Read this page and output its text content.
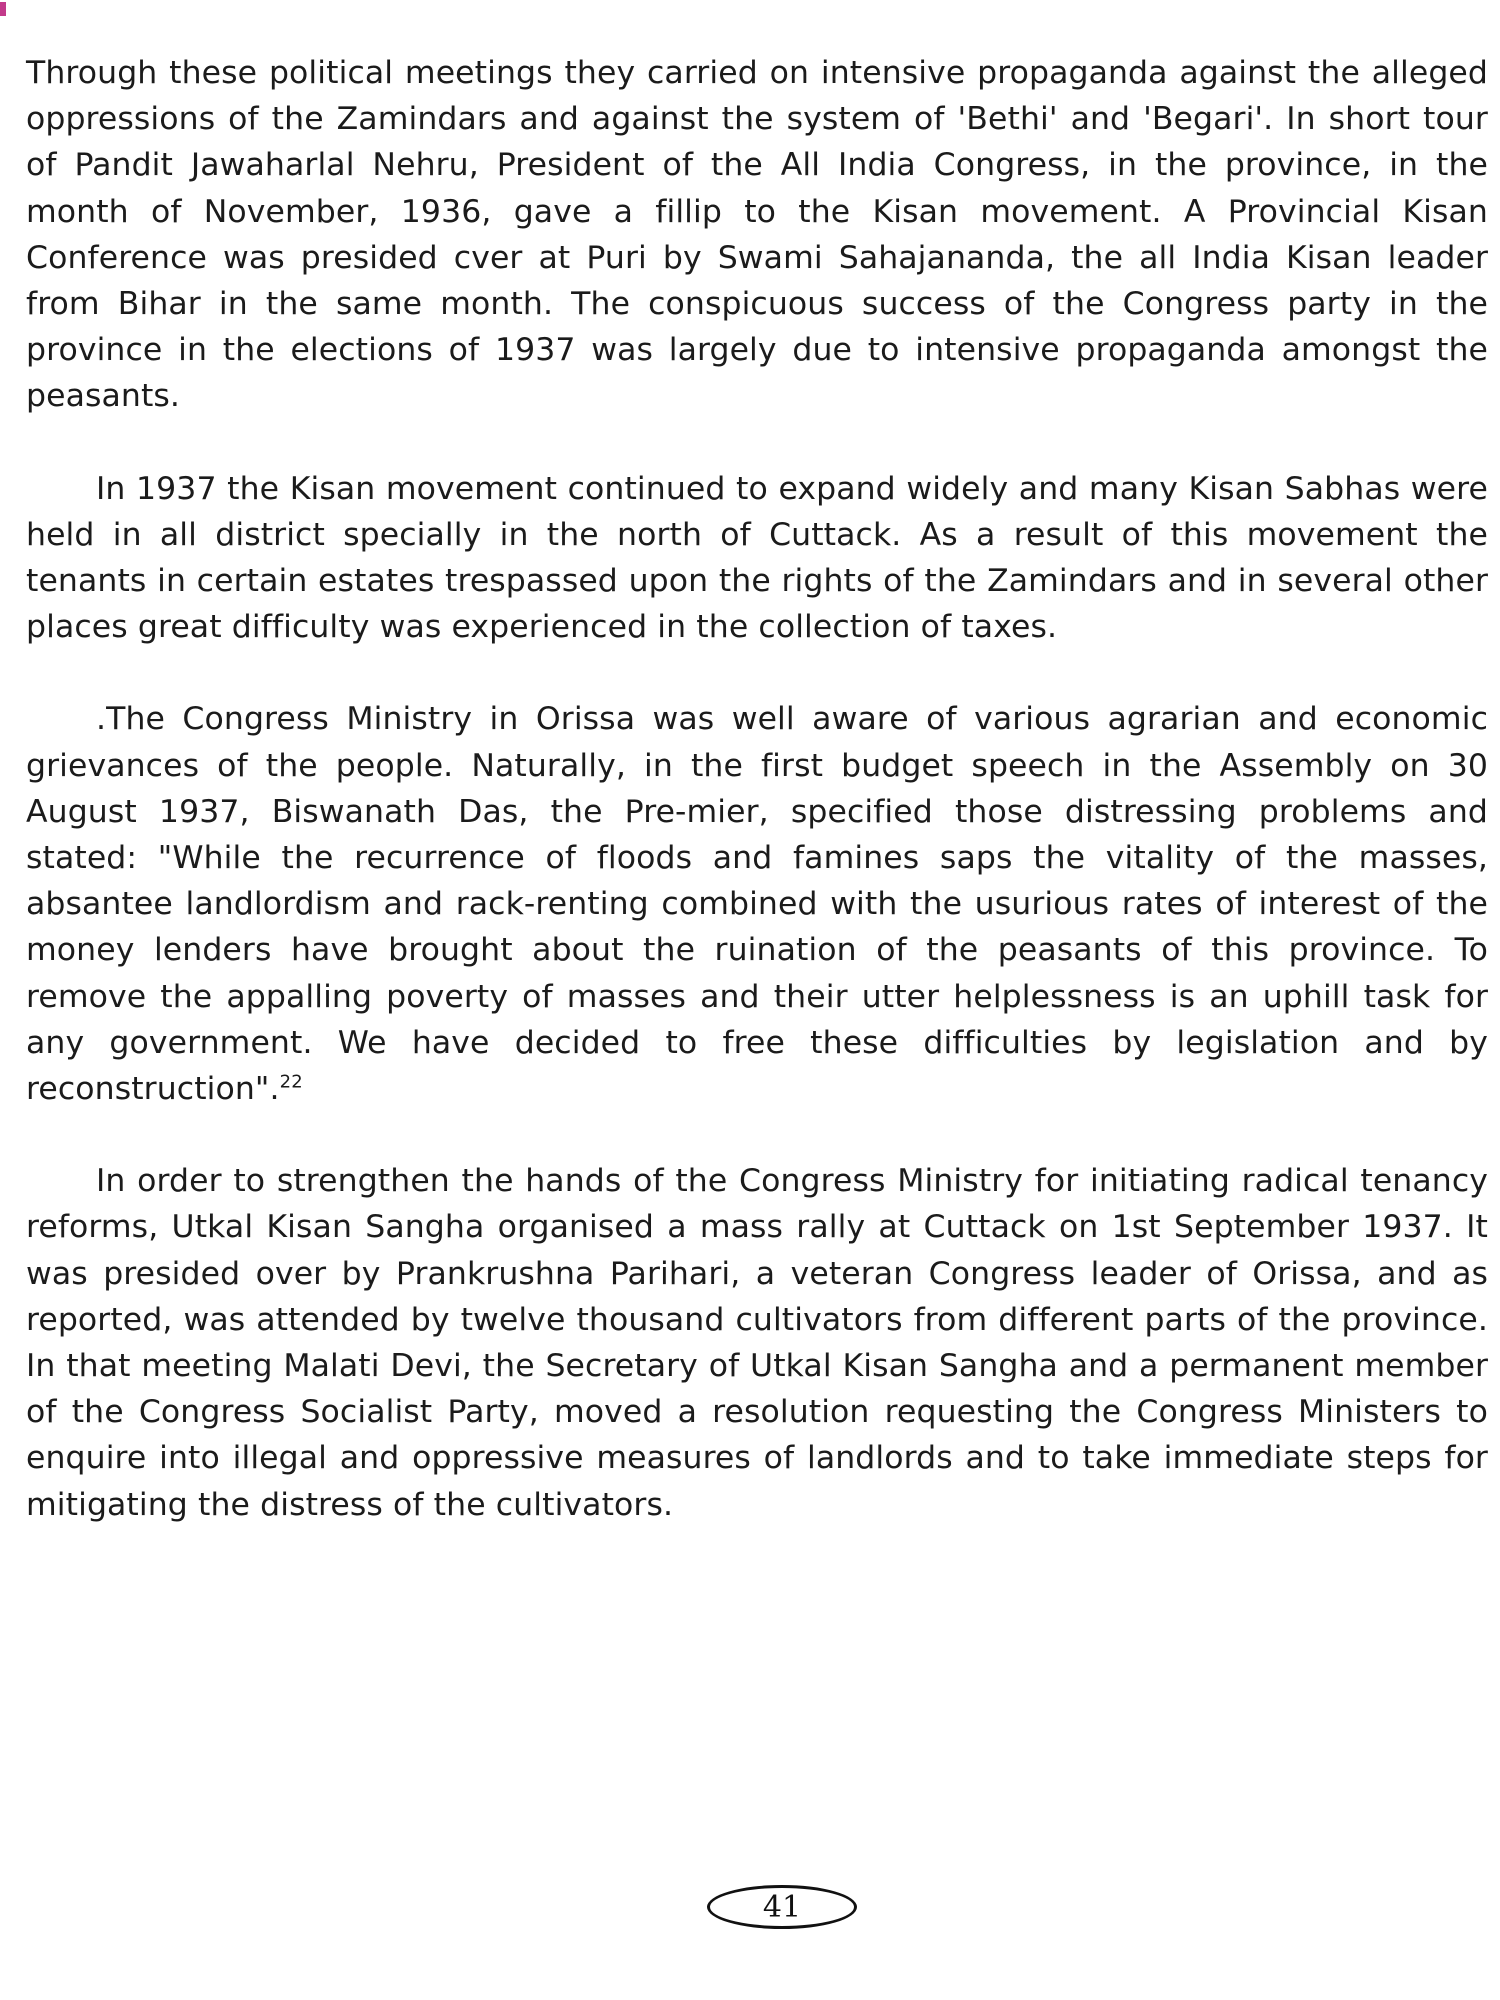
Through these political meetings they carried on intensive propaganda against the alleged oppressions of the Zamindars and against the system of 'Bethi' and 'Begari'. In short tour of Pandit Jawaharlal Nehru, President of the All India Congress, in the province, in the month of November, 1936, gave a fillip to the Kisan movement. A Provincial Kisan Conference was presided cver at Puri by Swami Sahajananda, the all India Kisan leader from Bihar in the same month. The conspicuous success of the Congress party in the province in the elections of 1937 was largely due to intensive propaganda amongst the peasants.

In 1937 the Kisan movement continued to expand widely and many Kisan Sabhas were held in all district specially in the north of Cuttack. As a result of this movement the tenants in certain estates trespassed upon the rights of the Zamindars and in several other places great difficulty was experienced in the collection of taxes.

.The Congress Ministry in Orissa was well aware of various agrarian and economic grievances of the people. Naturally, in the first budget speech in the Assembly on 30 August 1937, Biswanath Das, the Pre-mier, specified those distressing problems and stated: "While the recurrence of floods and famines saps the vitality of the masses, absantee landlordism and rack-renting combined with the usurious rates of interest of the money lenders have brought about the ruination of the peasants of this province. To remove the appalling poverty of masses and their utter helplessness is an uphill task for any government. We have decided to free these difficulties by legislation and by reconstruction".$^{22}$

In order to strengthen the hands of the Congress Ministry for initiating radical tenancy reforms, Utkal Kisan Sangha organised a mass rally at Cuttack on 1st September 1937. It was presided over by Prankrushna Parihari, a veteran Congress leader of Orissa, and as reported, was attended by twelve thousand cultivators from different parts of the province. In that meeting Malati Devi, the Secretary of Utkal Kisan Sangha and a permanent member of the Congress Socialist Party, moved a resolution requesting the Congress Ministers to enquire into illegal and oppressive measures of landlords and to take immediate steps for mitigating the distress of the cultivators.

41
